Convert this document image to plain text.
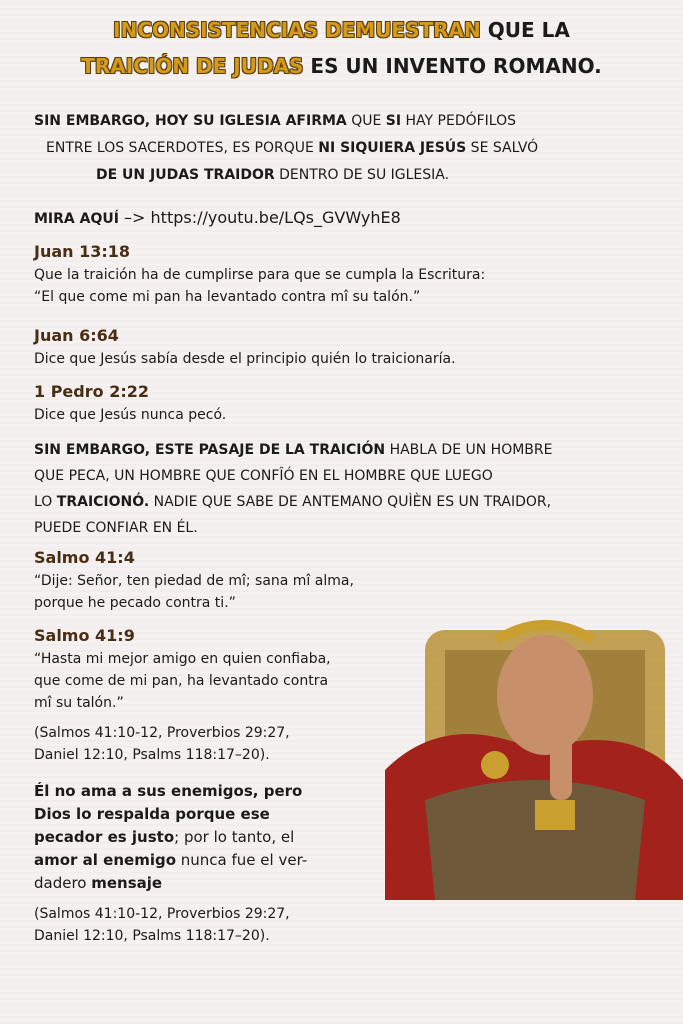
INCONSISTENCIAS DEMUESTRAN QUE LA
TRAICIÓN DE JUDAS ES UN INVENTO ROMANO.
SIN EMBARGO, HOY SU IGLESIA AFIRMA QUE SI HAY PEDÓFILOS
ENTRE LOS SACERDOTES, ES PORQUE NI SIQUIERA JESÚS SE SALVÓ
DE UN JUDAS TRAIDOR DENTRO DE SU IGLESIA.
MIRA AQUÍ –> https://youtu.be/LQs_GVWyhE8
Juan 13:18
Que la traición ha de cumplirse para que se cumpla la Escritura:
“El que come mi pan ha levantado contra mî su talón.”
Juan 6:64
Dice que Jesús sabía desde el principio quién lo traicionaría.
1 Pedro 2:22
Dice que Jesús nunca pecó.
SIN EMBARGO, ESTE PASAJE DE LA TRAICIÓN HABLA DE UN HOMBRE
QUE PECA, UN HOMBRE QUE CONFÎÓ EN EL HOMBRE QUE LUEGO
LO TRAICIONÓ. NADIE QUE SABE DE ANTEMANO QUÌÈN ES UN TRAIDOR,
PUEDE CONFIAR EN ÉL.
Salmo 41:4
“Dije: Señor, ten piedad de mî; sana mî alma,
porque he pecado contra ti.”
Salmo 41:9
“Hasta mi mejor amigo en quien confiaba,
que come de mi pan, ha levantado contra
mî su talón.”
(Salmos 41:10-12, Proverbios 29:27,
Daniel 12:10, Psalms 118:17–20).
Él no ama a sus enemigos, pero
Dios lo respalda porque ese
pecador es justo; por lo tanto, el
amor al enemigo nunca fue el ver-
dadero mensaje
(Salmos 41:10-12, Proverbios 29:27,
Daniel 12:10, Psalms 118:17–20).
